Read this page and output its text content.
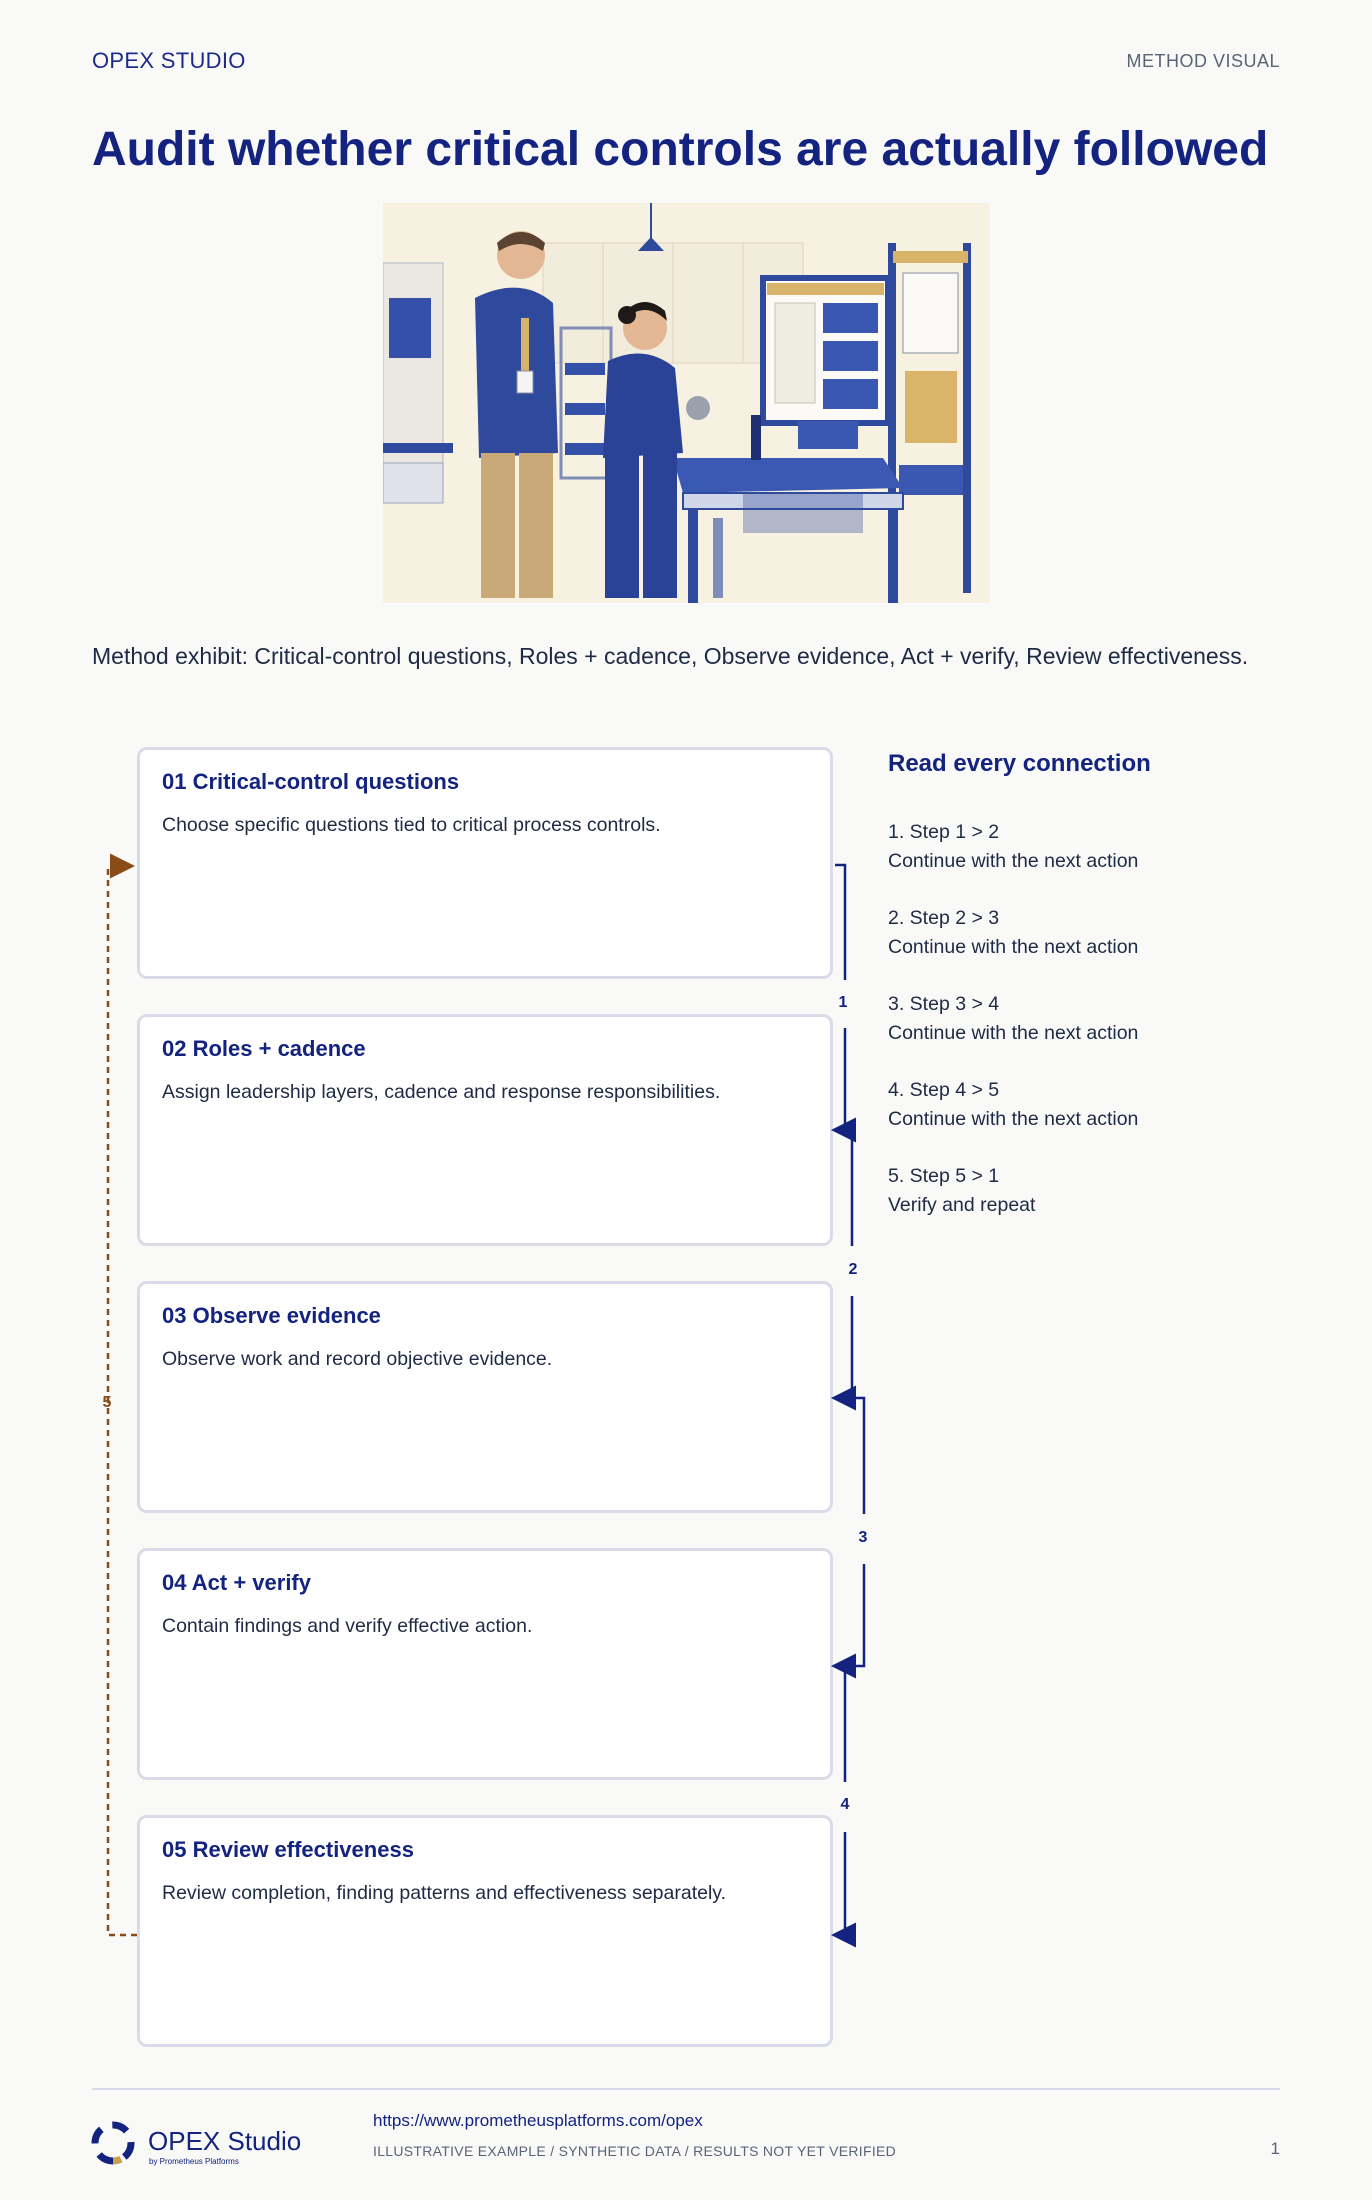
OPEX STUDIO	METHOD VISUAL
Audit whether critical controls are actually followed

Method exhibit: Critical-control questions, Roles + cadence, Observe evidence, Act + verify, Review effectiveness.

01 Critical-control questions
Choose specific questions tied to critical process controls.
02 Roles + cadence
Assign leadership layers, cadence and response responsibilities.
03 Observe evidence
Observe work and record objective evidence.
04 Act + verify
Contain findings and verify effective action.
05 Review effectiveness
Review completion, finding patterns and effectiveness separately.
1
2
3
4
5
Read every connection
1. Step 1 > 2
Continue with the next action
2. Step 2 > 3
Continue with the next action
3. Step 3 > 4
Continue with the next action
4. Step 4 > 5
Continue with the next action
5. Step 5 > 1
Verify and repeat
OPEX Studio
by Prometheus Platforms
https://www.prometheusplatforms.com/opex
ILLUSTRATIVE EXAMPLE / SYNTHETIC DATA / RESULTS NOT YET VERIFIED	1
